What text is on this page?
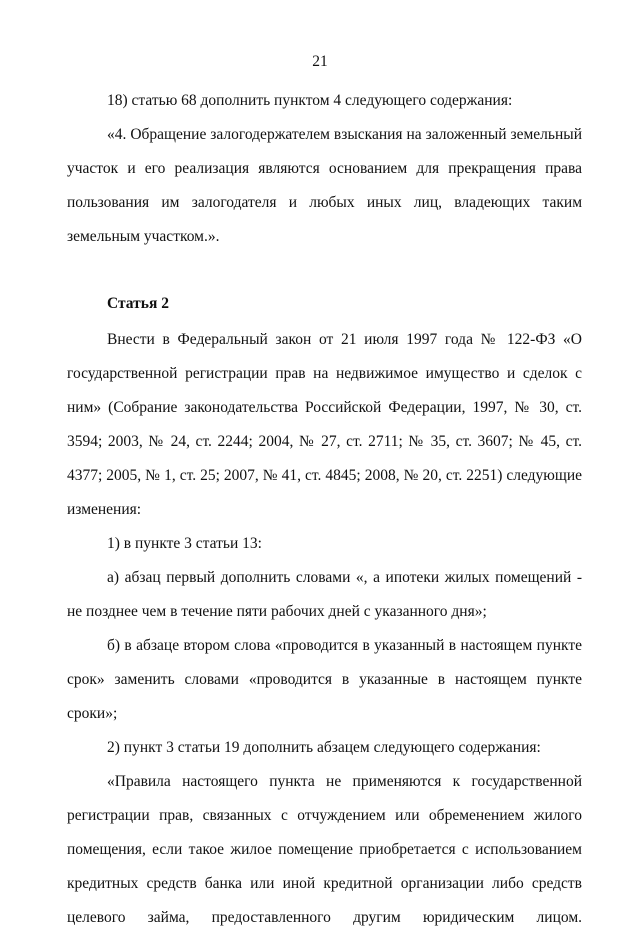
21

18) статью 68 дополнить пунктом 4 следующего содержания:

«4. Обращение залогодержателем взыскания на заложенный земельный участок и его реализация являются основанием для прекращения права пользования им залогодателя и любых иных лиц, владеющих таким земельным участком.».

Статья 2

Внести в Федеральный закон от 21 июля 1997 года № 122-ФЗ «О государственной регистрации прав на недвижимое имущество и сделок с ним» (Собрание законодательства Российской Федерации, 1997, № 30, ст. 3594; 2003, № 24, ст. 2244; 2004, № 27, ст. 2711; № 35, ст. 3607; № 45, ст. 4377; 2005, № 1, ст. 25; 2007, № 41, ст. 4845; 2008, № 20, ст. 2251) следующие изменения:

1) в пункте 3 статьи 13:

а) абзац первый дополнить словами «, а ипотеки жилых помещений - не позднее чем в течение пяти рабочих дней с указанного дня»;

б) в абзаце втором слова «проводится в указанный в настоящем пункте срок» заменить словами «проводится в указанные в настоящем пункте сроки»;

2) пункт 3 статьи 19 дополнить абзацем следующего содержания:

«Правила настоящего пункта не применяются к государственной регистрации прав, связанных с отчуждением или обременением жилого помещения, если такое жилое помещение приобретается с использованием кредитных средств банка или иной кредитной организации либо средств целевого займа, предоставленного другим юридическим лицом.
